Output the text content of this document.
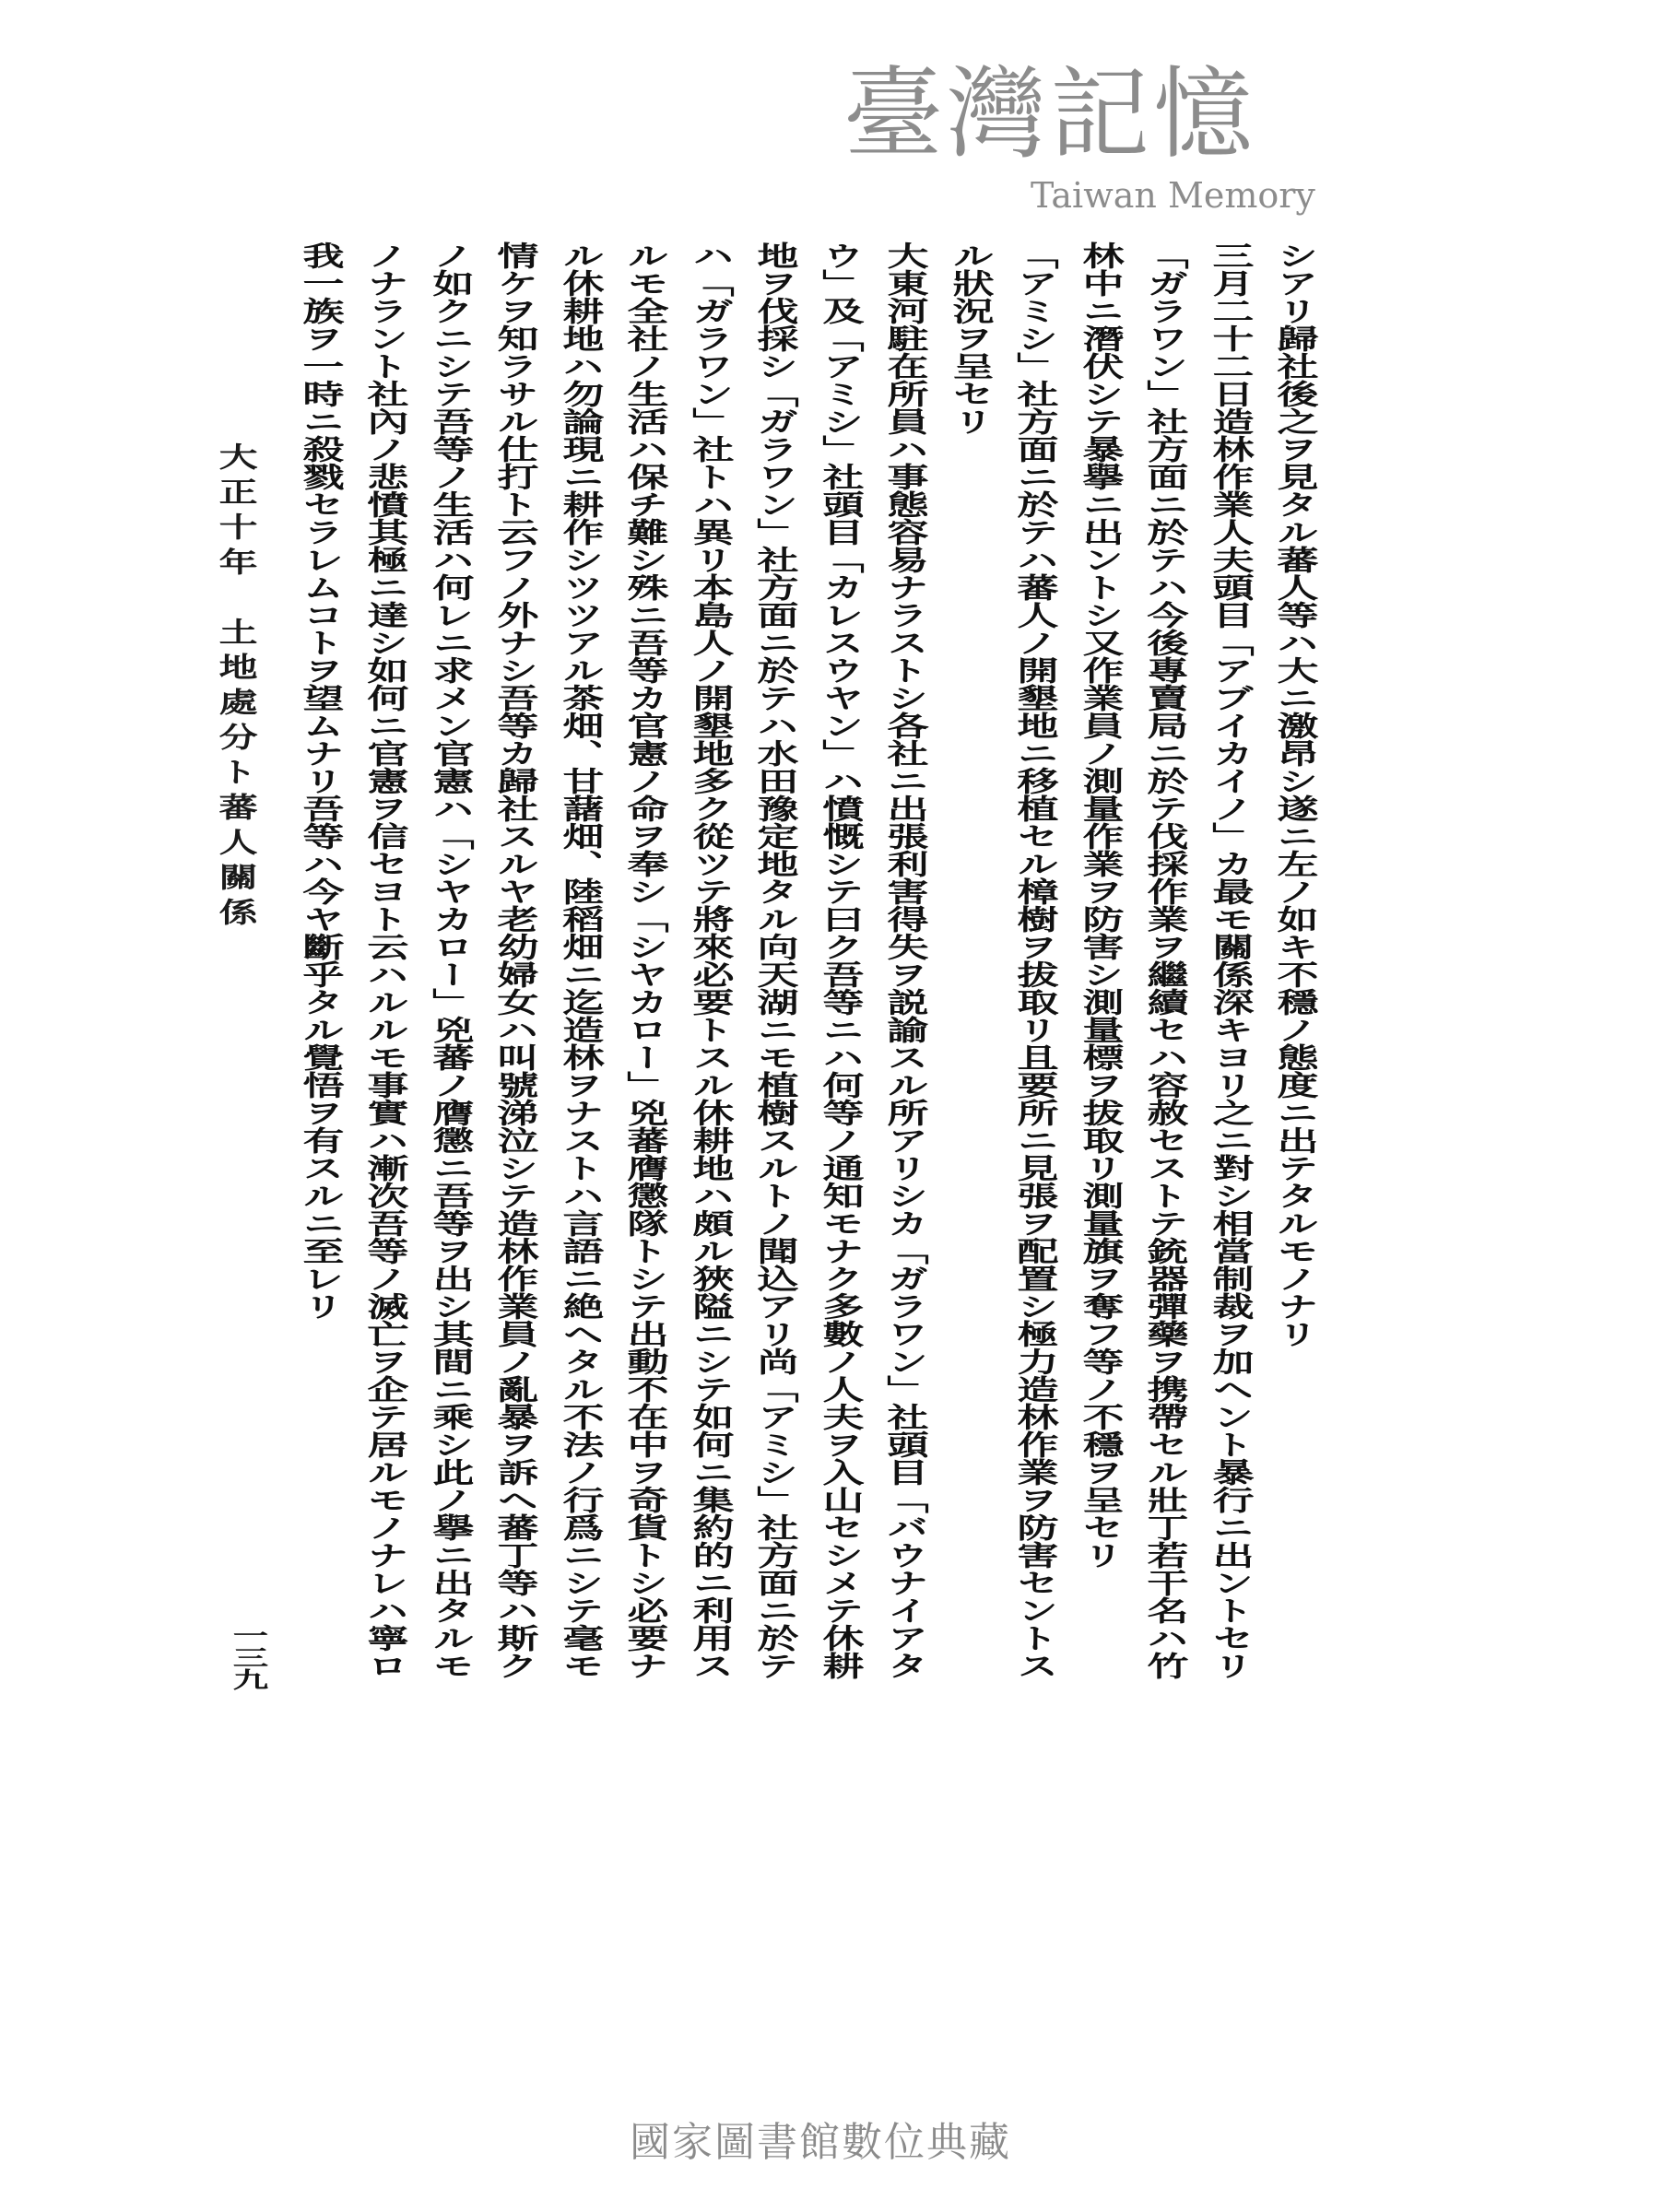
シアリ歸社後之ヲ見タル蕃人等ハ大ニ激昂シ遂ニ左ノ如キ不穩ノ態度ニ出テタルモノナリ
三月二十二日造林作業人夫頭目「アブイカイノ」カ最モ關係深キヨリ之ニ對シ相當制裁ヲ加ヘント暴行ニ出ントセリ
「ガラワン」社方面ニ於テハ今後專賣局ニ於テ伐採作業ヲ繼續セハ容赦セストテ銃器彈藥ヲ携帶セル壯丁若干名ハ竹
林中ニ潛伏シテ暴擧ニ出ントシ又作業員ノ測量作業ヲ防害シ測量標ヲ拔取リ測量旗ヲ奪フ等ノ不穩ヲ呈セリ
「アミシ」社方面ニ於テハ蕃人ノ開墾地ニ移植セル樟樹ヲ拔取リ且要所ニ見張ヲ配置シ極力造林作業ヲ防害セントス
ル狀況ヲ呈セリ
大東河駐在所員ハ事態容易ナラストシ各社ニ出張利害得失ヲ説諭スル所アリシカ「ガラワン」社頭目「バウナイアタ
ウ」及「アミシ」社頭目「カレスウヤン」ハ憤慨シテ曰ク吾等ニハ何等ノ通知モナク多數ノ人夫ヲ入山セシメテ休耕
地ヲ伐採シ「ガラワン」社方面ニ於テハ水田豫定地タル向天湖ニモ植樹スルトノ聞込アリ尚「アミシ」社方面ニ於テ
ハ「ガラワン」社トハ異リ本島人ノ開墾地多ク從ツテ將來必要トスル休耕地ハ頗ル狹隘ニシテ如何ニ集約的ニ利用ス
ルモ全社ノ生活ハ保チ難シ殊ニ吾等カ官憲ノ命ヲ奉シ「シヤカロー」兇蕃膺懲隊トシテ出動不在中ヲ奇貨トシ必要ナ
ル休耕地ハ勿論現ニ耕作シツツアル茶畑、甘藷畑、陸稻畑ニ迄造林ヲナストハ言語ニ絶ヘタル不法ノ行爲ニシテ毫モ
情ケヲ知ラサル仕打ト云フノ外ナシ吾等カ歸社スルヤ老幼婦女ハ叫號涕泣シテ造林作業員ノ亂暴ヲ訴ヘ蕃丁等ハ斯ク
ノ如クニシテ吾等ノ生活ハ何レニ求メン官憲ハ「シヤカロー」兇蕃ノ膺懲ニ吾等ヲ出シ其間ニ乘シ此ノ擧ニ出タルモ
ノナラント社內ノ悲憤其極ニ達シ如何ニ官憲ヲ信セヨト云ハルルモ事實ハ漸次吾等ノ滅亡ヲ企テ居ルモノナレハ寧ロ
我一族ヲ一時ニ殺戮セラレムコトヲ望ムナリ吾等ハ今ヤ斷乎タル覺悟ヲ有スルニ至レリ
大正十年　土地處分ト蕃人關係
一三九
臺灣記憶
Taiwan Memory
國家圖書館數位典藏
